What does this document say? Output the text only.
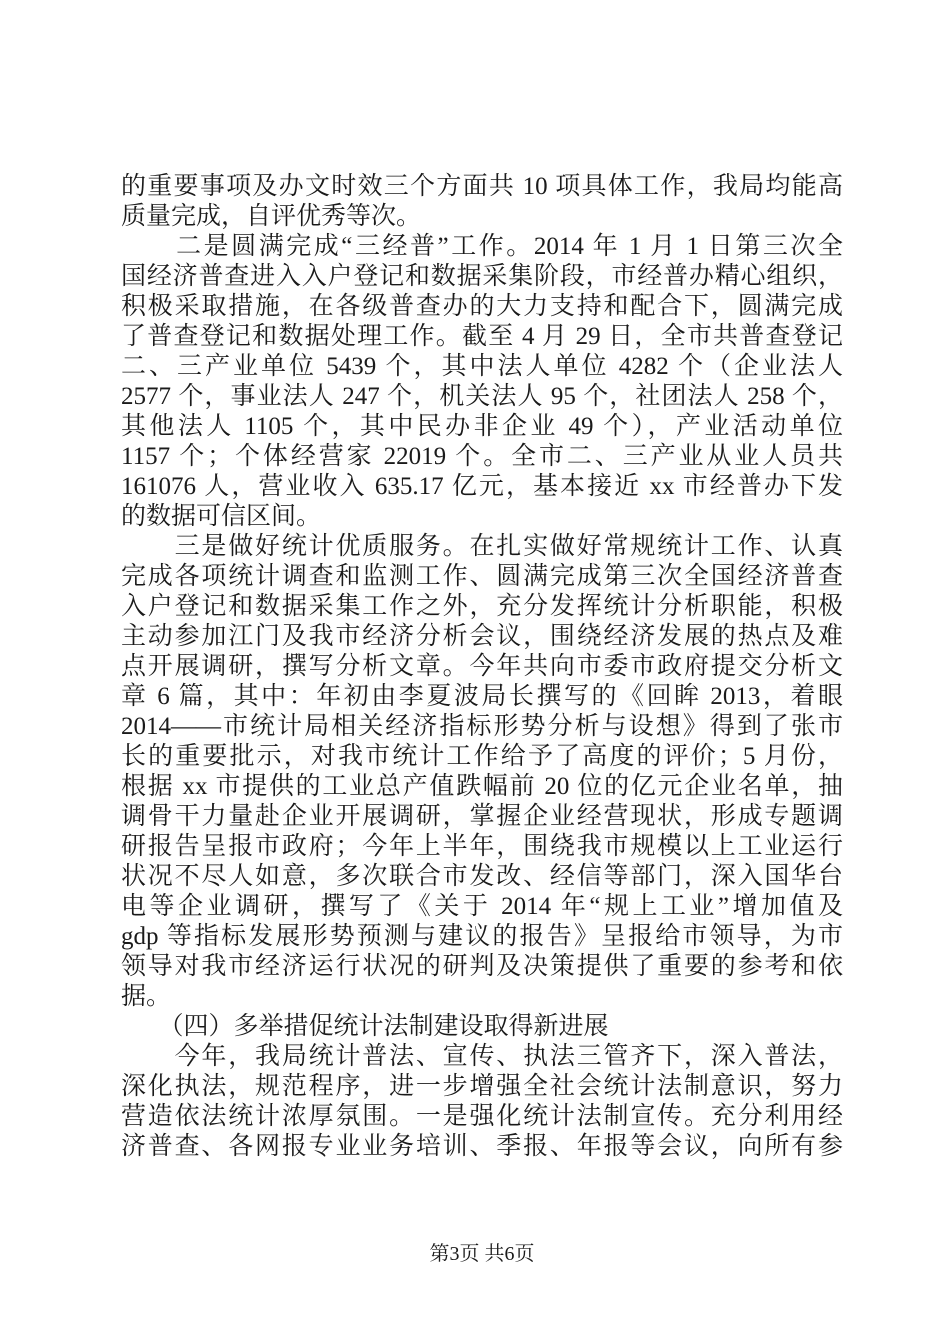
的重要事项及办文时效三个方面共 10 项具体工作，我局均能高
质量完成，自评优秀等次。
　　二是圆满完成“三经普”工作。2014 年 1 月 1 日第三次全
国经济普查进入入户登记和数据采集阶段，市经普办精心组织，
积极采取措施，在各级普查办的大力支持和配合下，圆满完成
了普查登记和数据处理工作。截至 4 月 29 日，全市共普查登记
二、三产业单位 5439 个，其中法人单位 4282 个（企业法人
2577 个，事业法人 247 个，机关法人 95 个，社团法人 258 个，
其他法人 1105 个，其中民办非企业 49 个），产业活动单位
1157 个；个体经营家 22019 个。全市二、三产业从业人员共
161076 人，营业收入 635.17 亿元，基本接近 xx 市经普办下发
的数据可信区间。
　　三是做好统计优质服务。在扎实做好常规统计工作、认真
完成各项统计调查和监测工作、圆满完成第三次全国经济普查
入户登记和数据采集工作之外，充分发挥统计分析职能，积极
主动参加江门及我市经济分析会议，围绕经济发展的热点及难
点开展调研，撰写分析文章。今年共向市委市政府提交分析文
章 6 篇，其中：年初由李夏波局长撰写的《回眸 2013，着眼
2014——市统计局相关经济指标形势分析与设想》得到了张市
长的重要批示，对我市统计工作给予了高度的评价；5 月份，
根据 xx 市提供的工业总产值跌幅前 20 位的亿元企业名单，抽
调骨干力量赴企业开展调研，掌握企业经营现状，形成专题调
研报告呈报市政府；今年上半年，围绕我市规模以上工业运行
状况不尽人如意，多次联合市发改、经信等部门，深入国华台
电等企业调研，撰写了《关于 2014 年“规上工业”增加值及
gdp 等指标发展形势预测与建议的报告》呈报给市领导，为市
领导对我市经济运行状况的研判及决策提供了重要的参考和依
据。
　　（四）多举措促统计法制建设取得新进展
　　今年，我局统计普法、宣传、执法三管齐下，深入普法，
深化执法，规范程序，进一步增强全社会统计法制意识，努力
营造依法统计浓厚氛围。一是强化统计法制宣传。充分利用经
济普查、各网报专业业务培训、季报、年报等会议，向所有参
第3页 共6页
